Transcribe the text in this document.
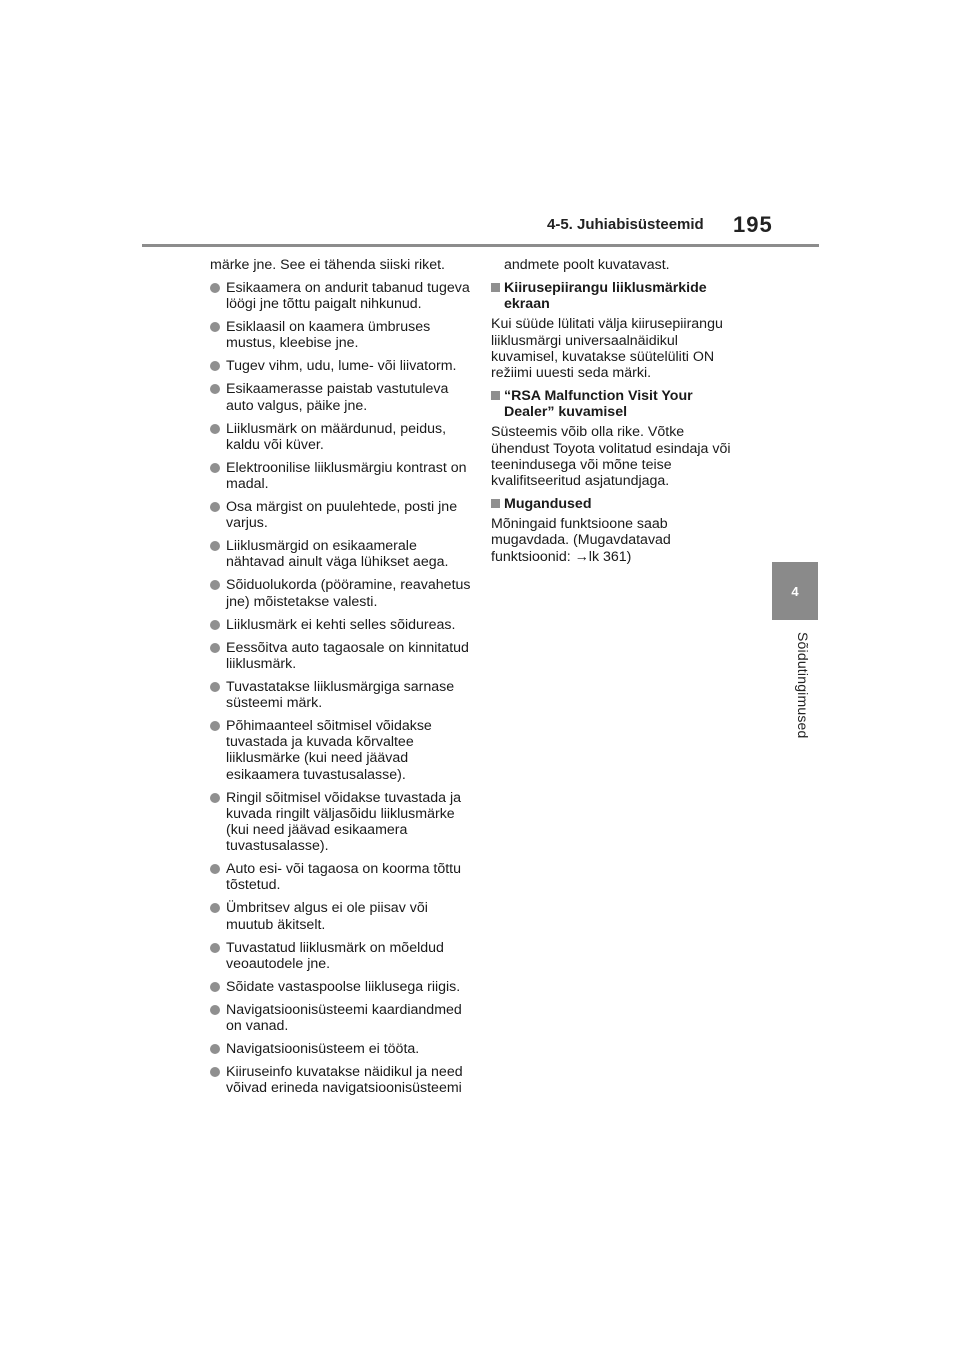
4-5. Juhiabisüsteemid 195
4
Sõidutingimused

märke jne. See ei tähenda siiski riket.

Esikaamera on andurit tabanud tugeva löögi jne tõttu paigalt nihkunud.
Esiklaasil on kaamera ümbruses mustus, kleebise jne.
Tugev vihm, udu, lume- või liivatorm.
Esikaamerasse paistab vastutuleva auto valgus, päike jne.
Liiklusmärk on määrdunud, peidus, kaldu või küver.
Elektroonilise liiklusmärgiu kontrast on madal.
Osa märgist on puulehtede, posti jne varjus.
Liiklusmärgid on esikaamerale nähtavad ainult väga lühikset aega.
Sõiduolukorda (pööramine, reavahetus jne) mõistetakse valesti.
Liiklusmärk ei kehti selles sõidureas.
Eessõitva auto tagaosale on kinnitatud liiklusmärk.
Tuvastatakse liiklusmärgiga sarnase süsteemi märk.
Põhimaanteel sõitmisel võidakse tuvastada ja kuvada kõrvaltee liiklusmärke (kui need jäävad esikaamera tuvastusalasse).
Ringil sõitmisel võidakse tuvastada ja kuvada ringilt väljasõidu liiklusmärke (kui need jäävad esikaamera tuvastusalasse).
Auto esi- või tagaosa on koorma tõttu tõstetud.
Ümbritsev algus ei ole piisav või muutub äkitselt.
Tuvastatud liiklusmärk on mõeldud veoautodele jne.
Sõidate vastaspoolse liiklusega riigis.
Navigatsioonisüsteemi kaardiandmed on vanad.
Navigatsioonisüsteem ei tööta.
Kiiruseinfo kuvatakse näidikul ja need võivad erineda navigatsioonisüsteemi

andmete poolt kuvatavast.

Kiirusepiirangu liiklusmärkide ekraan

Kui süüde lülitati välja kiirusepiirangu liiklusmärgi universaalnäidikul kuvamisel, kuvatakse süütelüliti ON režiimi uuesti seda märki.

“RSA Malfunction Visit Your Dealer” kuvamisel

Süsteemis võib olla rike. Võtke ühendust Toyota volitatud esindaja või teenindusega või mõne teise kvalifitseeritud asjatundjaga.

Mugandused

Mõningaid funktsioone saab mugavdada. (Mugavdatavad funktsioonid: →lk 361)
